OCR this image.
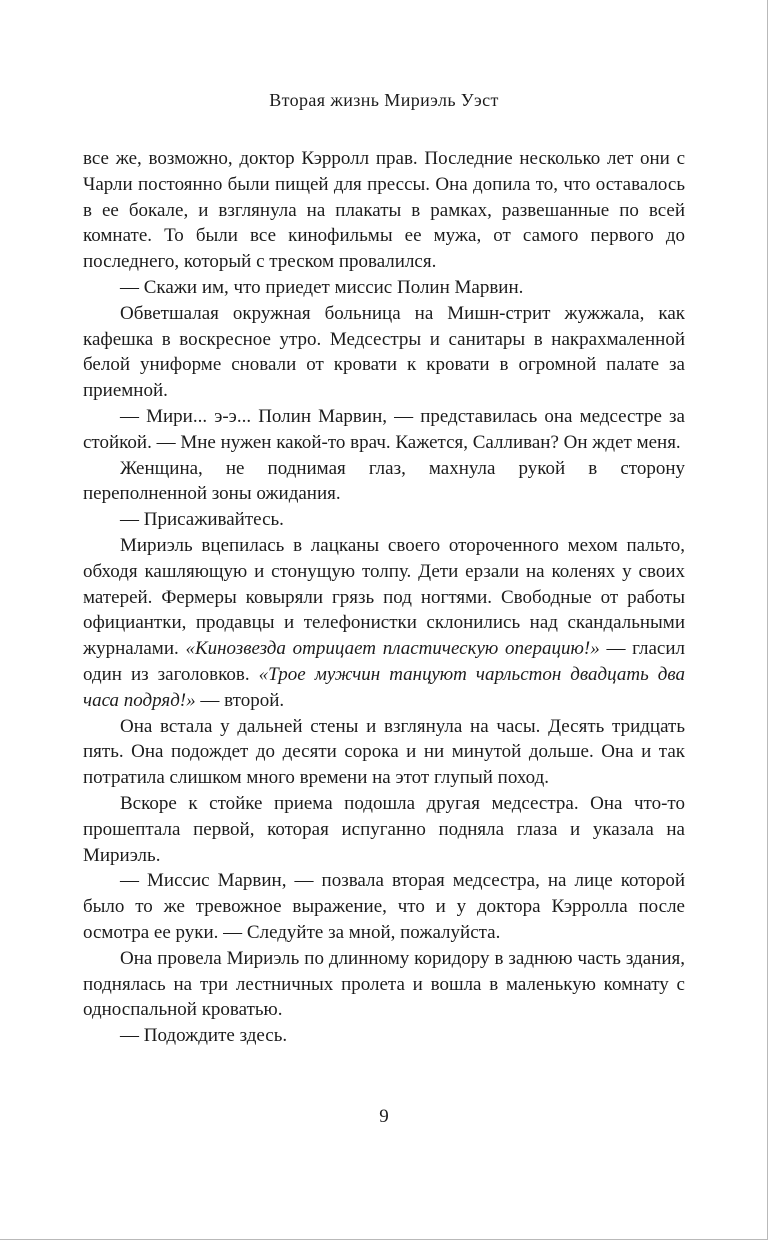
Вторая жизнь Мириэль Уэст

все же, возможно, доктор Кэрролл прав. Последние несколько лет они с Чарли постоянно были пищей для прессы. Она допила то, что оставалось в ее бокале, и взглянула на плакаты в рамках, развешанные по всей комнате. То были все кинофильмы ее мужа, от самого первого до последнего, который с треском провалился.

— Скажи им, что приедет миссис Полин Марвин.

Обветшалая окружная больница на Мишн-стрит жужжала, как кафешка в воскресное утро. Медсестры и санитары в накрахмаленной белой униформе сновали от кровати к кровати в огромной палате за приемной.

— Мири... э-э... Полин Марвин, — представилась она медсестре за стойкой. — Мне нужен какой-то врач. Кажется, Салливан? Он ждет меня.

Женщина, не поднимая глаз, махнула рукой в сторону переполненной зоны ожидания.

— Присаживайтесь.

Мириэль вцепилась в лацканы своего отороченного мехом пальто, обходя кашляющую и стонущую толпу. Дети ерзали на коленях у своих матерей. Фермеры ковыряли грязь под ногтями. Свободные от работы официантки, продавцы и телефонистки склонились над скандальными журналами. «Кинозвезда отрицает пластическую операцию!» — гласил один из заголовков. «Трое мужчин танцуют чарльстон двадцать два часа подряд!» — второй.

Она встала у дальней стены и взглянула на часы. Десять тридцать пять. Она подождет до десяти сорока и ни минутой дольше. Она и так потратила слишком много времени на этот глупый поход.

Вскоре к стойке приема подошла другая медсестра. Она что-то прошептала первой, которая испуганно подняла глаза и указала на Мириэль.

— Миссис Марвин, — позвала вторая медсестра, на лице которой было то же тревожное выражение, что и у доктора Кэрролла после осмотра ее руки. — Следуйте за мной, пожалуйста.

Она провела Мириэль по длинному коридору в заднюю часть здания, поднялась на три лестничных пролета и вошла в маленькую комнату с односпальной кроватью.

— Подождите здесь.

9
